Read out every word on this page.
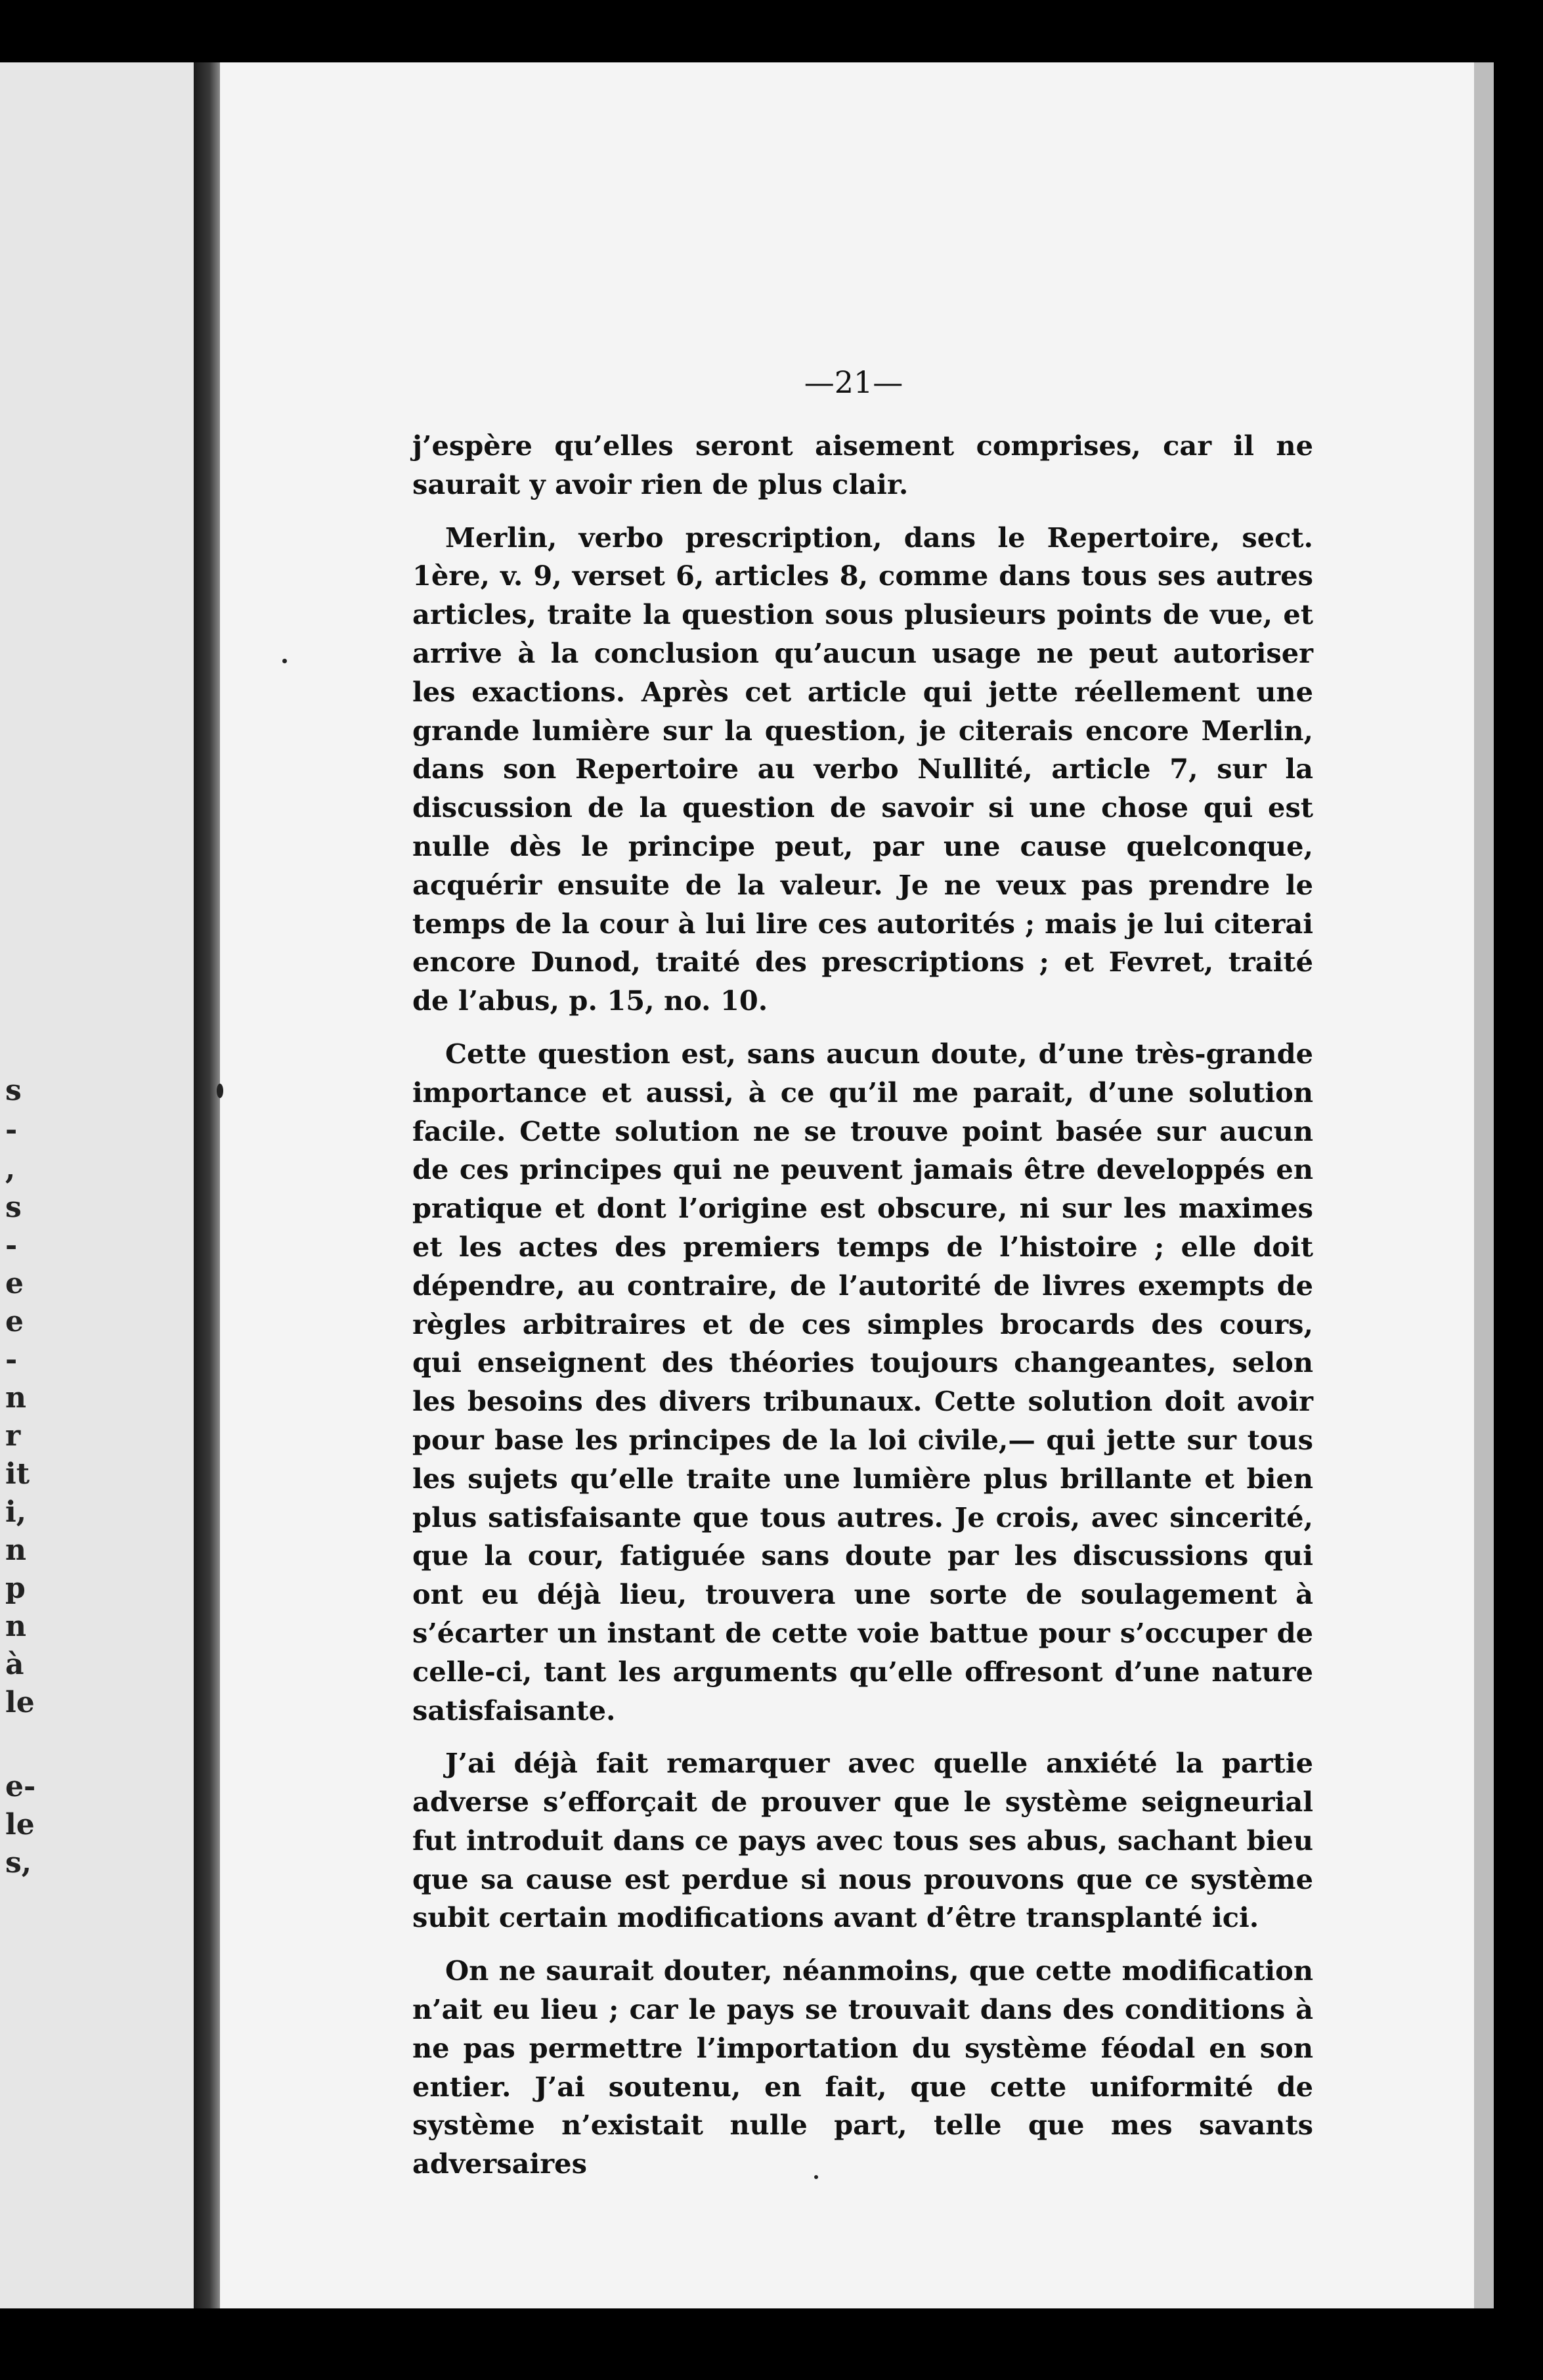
s
-
,
s
-
e
e
-
n
r
it
i,
n
p
n
à
le
e-
le
s,
—21—

j’espère qu’elles seront aisement comprises, car il ne saurait y avoir rien de plus clair.

Merlin, verbo prescription, dans le Repertoire, sect. 1ère, v. 9, verset 6, articles 8, comme dans tous ses autres articles, traite la question sous plusieurs points de vue, et arrive à la conclusion qu’aucun usage ne peut autoriser les exactions. Après cet article qui jette réellement une grande lumière sur la question, je citerais encore Merlin, dans son Repertoire au verbo Nullité, article 7, sur la discussion de la question de savoir si une chose qui est nulle dès le principe peut, par une cause quelconque, acquérir ensuite de la valeur. Je ne veux pas prendre le temps de la cour à lui lire ces autorités ; mais je lui citerai encore Dunod, traité des prescriptions ; et Fevret, traité de l’abus, p. 15, no. 10.

Cette question est, sans aucun doute, d’une très-grande importance et aussi, à ce qu’il me parait, d’une solution facile. Cette solution ne se trouve point basée sur aucun de ces principes qui ne peuvent jamais être developpés en pratique et dont l’origine est obscure, ni sur les maximes et les actes des premiers temps de l’histoire ; elle doit dépendre, au contraire, de l’autorité de livres exempts de règles arbitraires et de ces simples brocards des cours, qui enseignent des théories toujours changeantes, selon les besoins des divers tribunaux. Cette solution doit avoir pour base les principes de la loi civile,— qui jette sur tous les sujets qu’elle traite une lumière plus brillante et bien plus satisfaisante que tous autres. Je crois, avec sincerité, que la cour, fatiguée sans doute par les discussions qui ont eu déjà lieu, trouvera une sorte de soulagement à s’écarter un instant de cette voie battue pour s’occuper de celle-ci, tant les arguments qu’elle offresont d’une nature satisfaisante.

J’ai déjà fait remarquer avec quelle anxiété la partie adverse s’efforçait de prouver que le système seigneurial fut introduit dans ce pays avec tous ses abus, sachant bieu que sa cause est perdue si nous prouvons que ce système subit certain modifications avant d’être transplanté ici.

On ne saurait douter, néanmoins, que cette modification n’ait eu lieu ; car le pays se trouvait dans des conditions à ne pas permettre l’importation du système féodal en son entier. J’ai soutenu, en fait, que cette uniformité de système n’existait nulle part, telle que mes savants adversaires
